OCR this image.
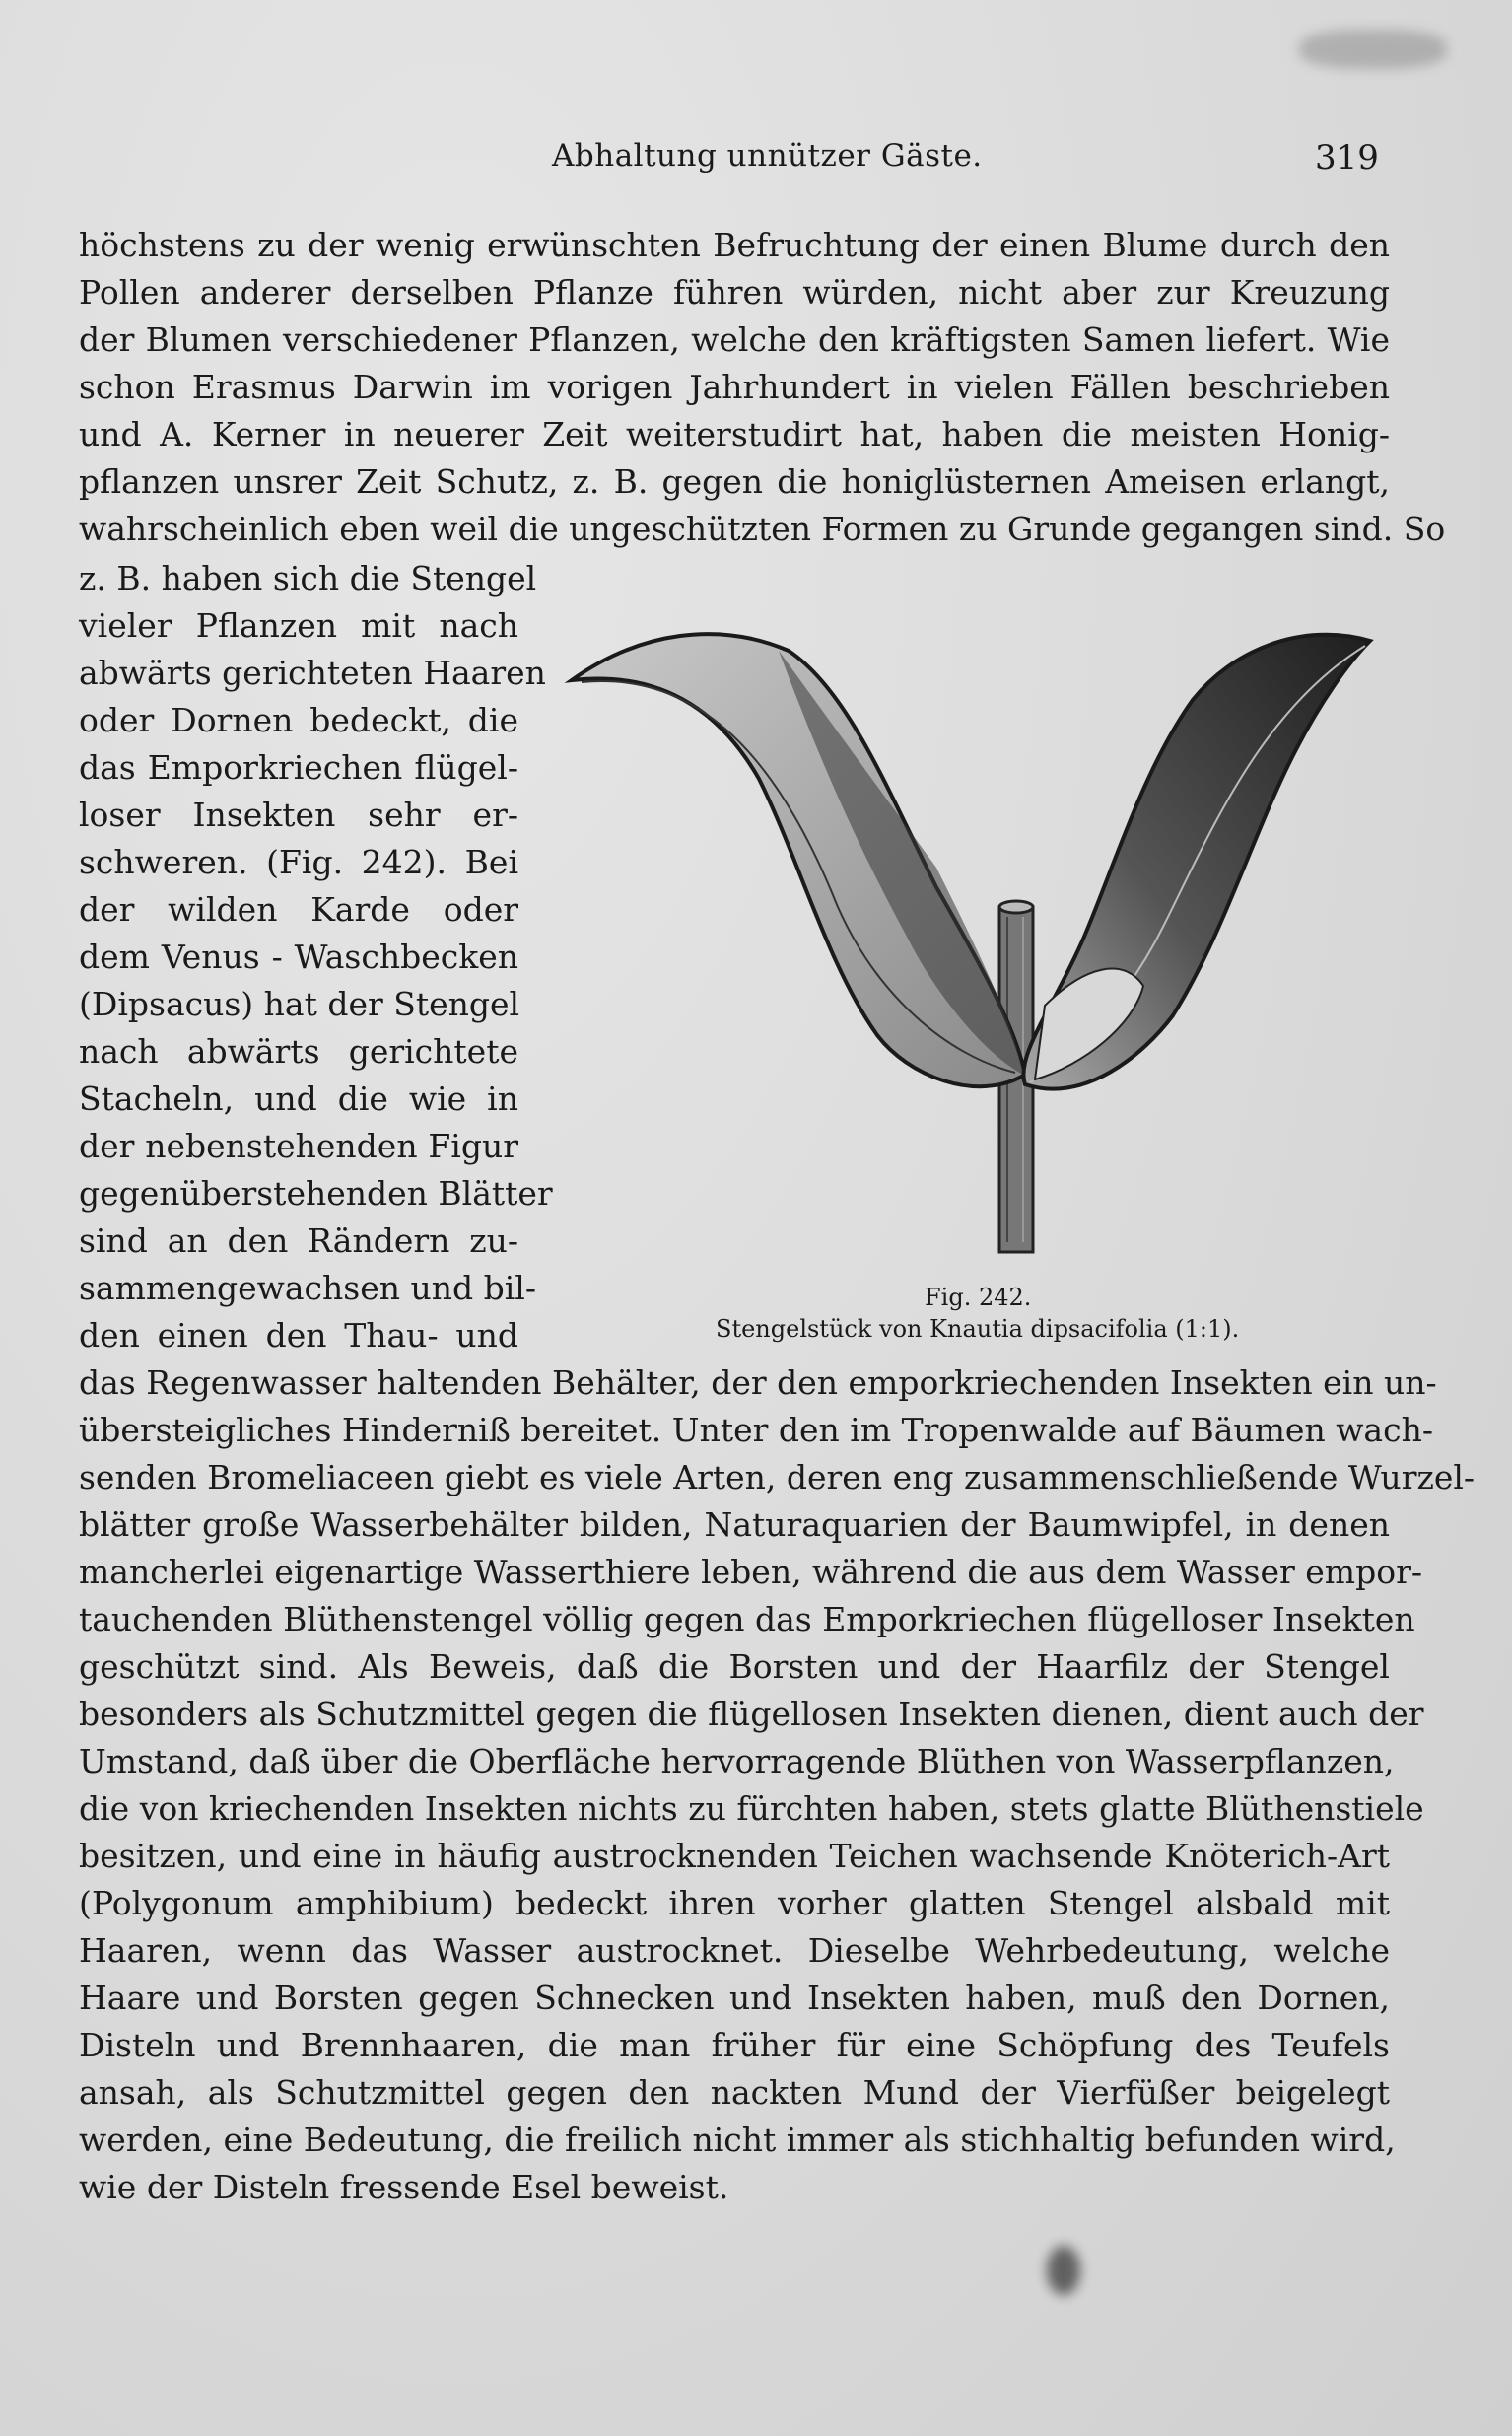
Abhaltung unnützer Gäste.	319
höchstens zu der wenig erwünschten Befruchtung der einen Blume durch den
Pollen anderer derselben Pflanze führen würden, nicht aber zur Kreuzung
der Blumen verschiedener Pflanzen, welche den kräftigsten Samen liefert. Wie
schon Erasmus Darwin im vorigen Jahrhundert in vielen Fällen beschrieben
und A. Kerner in neuerer Zeit weiterstudirt hat, haben die meisten Honig-
pflanzen unsrer Zeit Schutz, z. B. gegen die honiglüsternen Ameisen erlangt,
wahrscheinlich eben weil die ungeschützten Formen zu Grunde gegangen sind. So
z. B. haben sich die Stengel
vieler Pflanzen mit nach
abwärts gerichteten Haaren
oder Dornen bedeckt, die
das Emporkriechen flügel-
loser Insekten sehr er-
schweren. (Fig. 242). Bei
der wilden Karde oder
dem Venus - Waschbecken
(Dipsacus) hat der Stengel
nach abwärts gerichtete
Stacheln, und die wie in
der nebenstehenden Figur
gegenüberstehenden Blätter
sind an den Rändern zu-
sammengewachsen und bil-
den einen den Thau- und
Fig. 242.
Stengelstück von Knautia dipsacifolia (1:1).
das Regenwasser haltenden Behälter, der den emporkriechenden Insekten ein un-
übersteigliches Hinderniß bereitet. Unter den im Tropenwalde auf Bäumen wach-
senden Bromeliaceen giebt es viele Arten, deren eng zusammenschließende Wurzel-
blätter große Wasserbehälter bilden, Naturaquarien der Baumwipfel, in denen
mancherlei eigenartige Wasserthiere leben, während die aus dem Wasser empor-
tauchenden Blüthenstengel völlig gegen das Emporkriechen flügelloser Insekten
geschützt sind. Als Beweis, daß die Borsten und der Haarfilz der Stengel
besonders als Schutzmittel gegen die flügellosen Insekten dienen, dient auch der
Umstand, daß über die Oberfläche hervorragende Blüthen von Wasserpflanzen,
die von kriechenden Insekten nichts zu fürchten haben, stets glatte Blüthenstiele
besitzen, und eine in häufig austrocknenden Teichen wachsende Knöterich-Art
(Polygonum amphibium) bedeckt ihren vorher glatten Stengel alsbald mit
Haaren, wenn das Wasser austrocknet. Dieselbe Wehrbedeutung, welche
Haare und Borsten gegen Schnecken und Insekten haben, muß den Dornen,
Disteln und Brennhaaren, die man früher für eine Schöpfung des Teufels
ansah, als Schutzmittel gegen den nackten Mund der Vierfüßer beigelegt
werden, eine Bedeutung, die freilich nicht immer als stichhaltig befunden wird,
wie der Disteln fressende Esel beweist.
